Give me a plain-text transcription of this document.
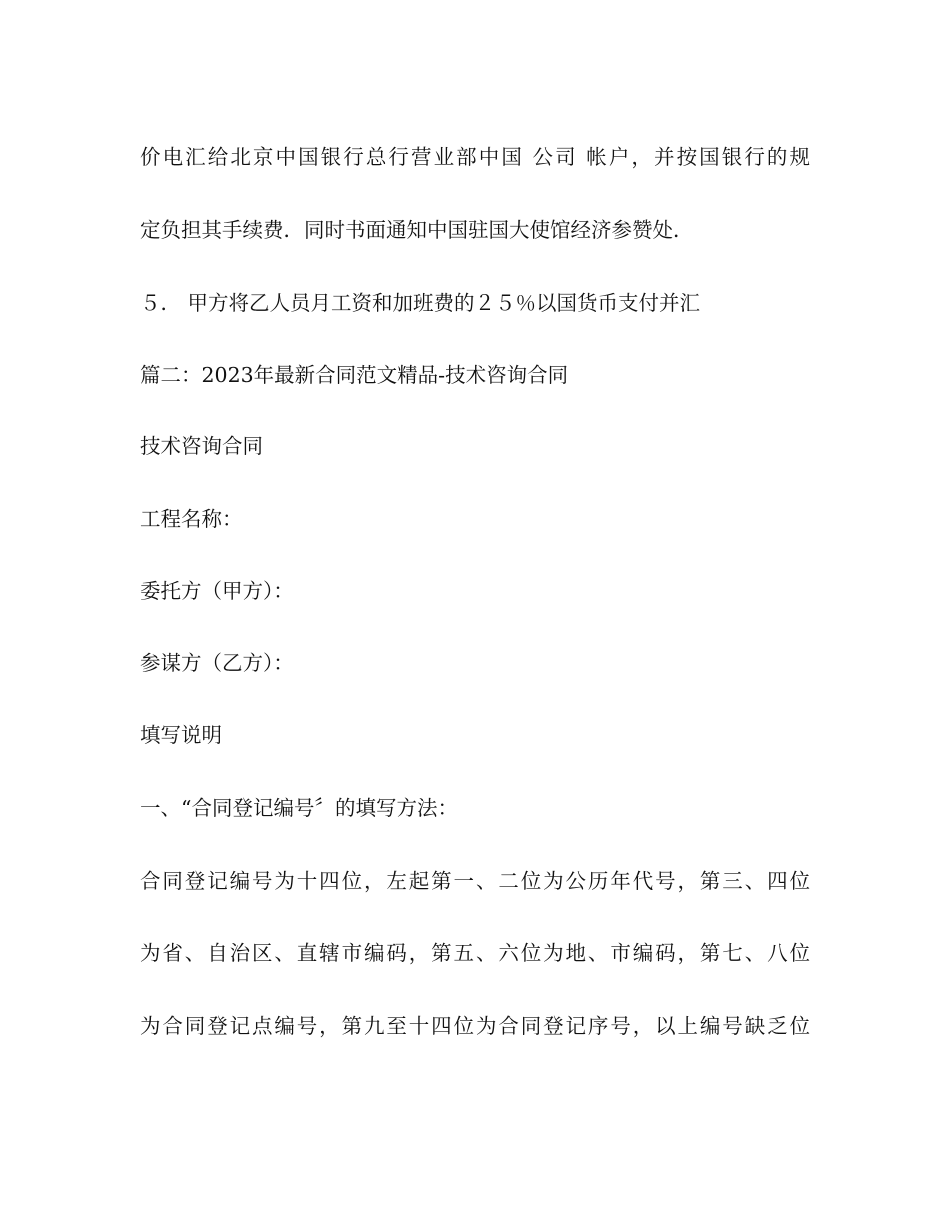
价电汇给北京中国银行总行营业部中国 公司 帐户，并按国银行的规
定负担其手续费．同时书面通知中国驻国大使馆经济参赞处．
５． 甲方将乙人员月工资和加班费的２５％以国货币支付并汇
篇二：2023年最新合同范文精品-技术咨询合同
技术咨询合同
工程名称：
委托方（甲方）：
参谋方（乙方）：
填写说明
一、“合同登记编号〞的填写方法：
合同登记编号为十四位，左起第一、二位为公历年代号，第三、四位
为省、自治区、直辖市编码，第五、六位为地、市编码，第七、八位
为合同登记点编号，第九至十四位为合同登记序号，以上编号缺乏位
